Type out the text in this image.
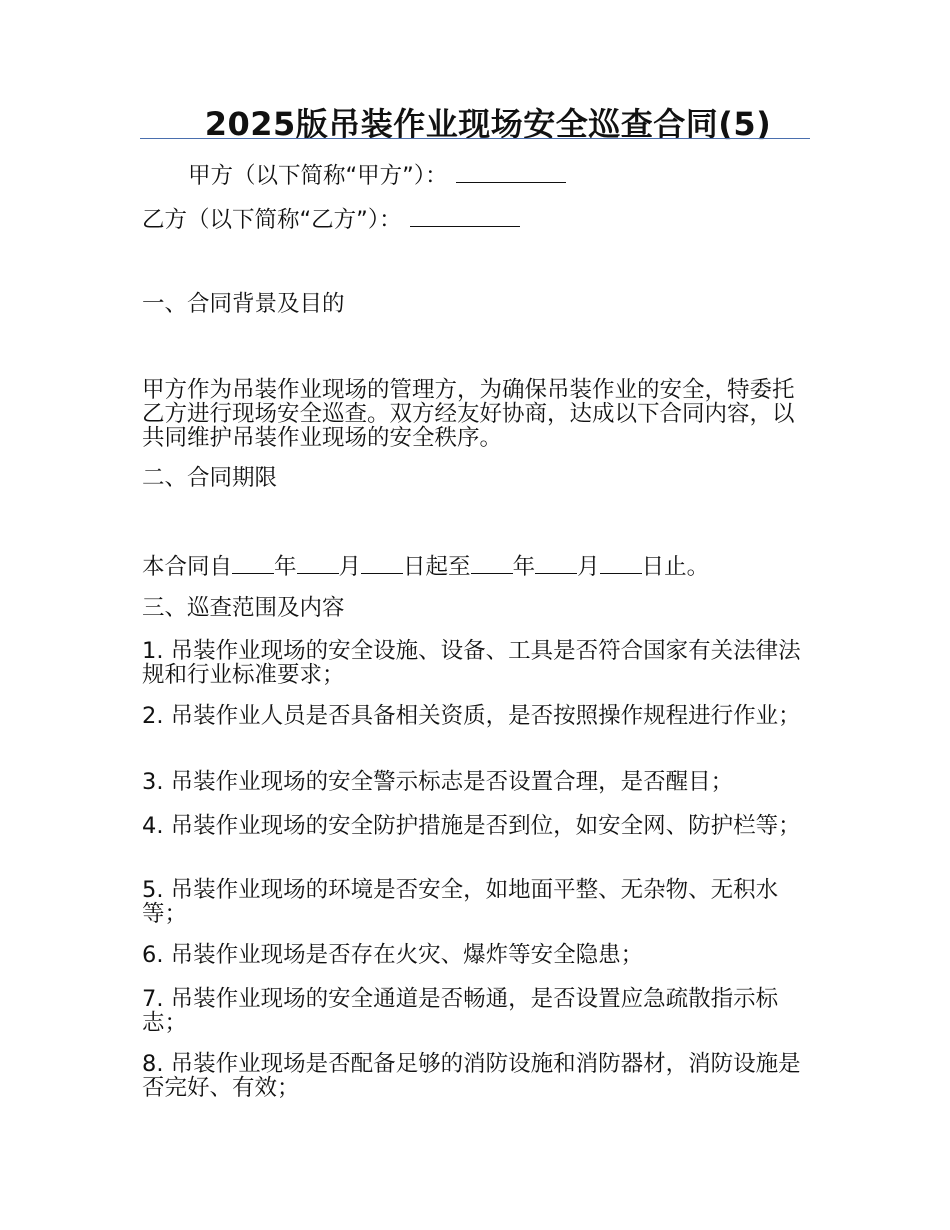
2025版吊装作业现场安全巡查合同(5)

甲方（以下简称“甲方”）：

乙方（以下简称“乙方”）：

一、合同背景及目的

甲方作为吊装作业现场的管理方，为确保吊装作业的安全，特委托乙方进行现场安全巡查。双方经友好协商，达成以下合同内容，以共同维护吊装作业现场的安全秩序。

二、合同期限

本合同自 年 月 日起至 年 月 日止。

三、巡查范围及内容

1. 吊装作业现场的安全设施、设备、工具是否符合国家有关法律法规和行业标准要求；

2. 吊装作业人员是否具备相关资质，是否按照操作规程进行作业；

3. 吊装作业现场的安全警示标志是否设置合理，是否醒目；

4. 吊装作业现场的安全防护措施是否到位，如安全网、防护栏等；

5. 吊装作业现场的环境是否安全，如地面平整、无杂物、无积水等；

6. 吊装作业现场是否存在火灾、爆炸等安全隐患；

7. 吊装作业现场的安全通道是否畅通，是否设置应急疏散指示标志；

8. 吊装作业现场是否配备足够的消防设施和消防器材，消防设施是否完好、有效；
